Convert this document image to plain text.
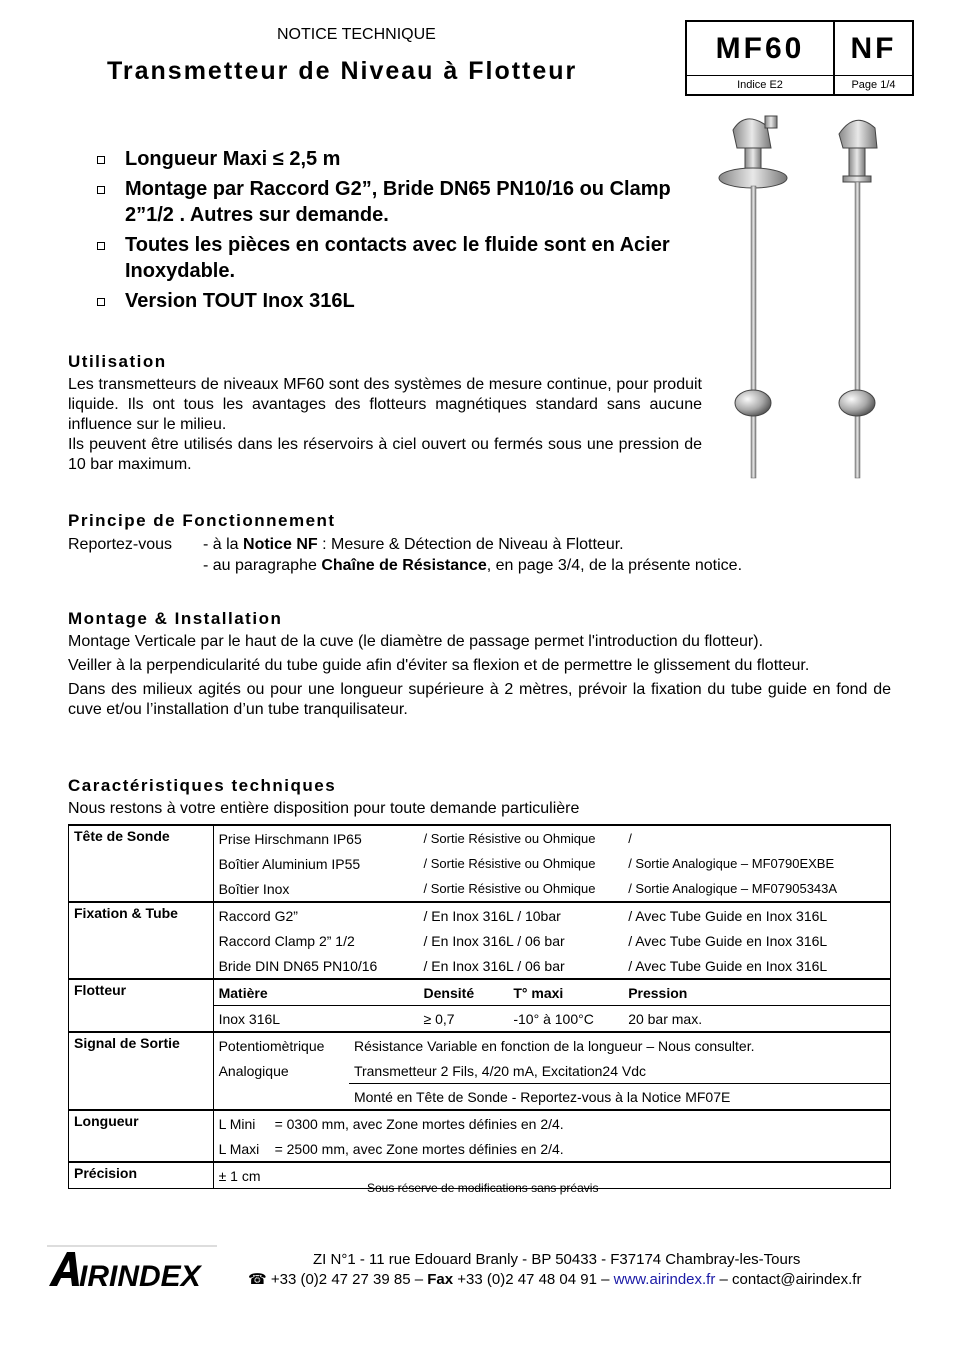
NOTICE TECHNIQUE
Transmetteur de Niveau à Flotteur
MF60	NF
Indice E2	Page 1/4
Longueur Maxi ≤ 2,5 m
Montage par Raccord G2”, Bride DN65 PN10/16 ou Clamp 2”1/2 . Autres sur demande.
Toutes les pièces en contacts avec le fluide sont en Acier Inoxydable.
Version TOUT Inox 316L
Utilisation
Les transmetteurs de niveaux MF60 sont des systèmes de mesure continue, pour produit liquide. Ils ont tous les avantages des flotteurs magnétiques standard sans aucune influence sur le milieu.
Ils peuvent être utilisés dans les réservoirs à ciel ouvert ou fermés sous une pression de 10 bar maximum.
Principe de Fonctionnement
Reportez-vous - à la Notice NF : Mesure & Détection de Niveau à Flotteur.
- au paragraphe Chaîne de Résistance, en page 3/4, de la présente notice.
Montage & Installation
Montage Verticale par le haut de la cuve (le diamètre de passage permet l'introduction du flotteur).
Veiller à la perpendicularité du tube guide afin d'éviter sa flexion et de permettre le glissement du flotteur.
Dans des milieux agités ou pour une longueur supérieure à 2 mètres, prévoir la fixation du tube guide en fond de cuve et/ou l’installation d’un tube tranquilisateur.
Caractéristiques techniques
Nous restons à votre entière disposition pour toute demande particulière
Tête de Sonde	Prise Hirschmann IP65		/ Sortie Résistive ou Ohmique		/
	Boîtier Aluminium IP55		/ Sortie Résistive ou Ohmique		/ Sortie Analogique – MF0790EXBE
	Boîtier Inox		/ Sortie Résistive ou Ohmique		/ Sortie Analogique – MF07905343A
Fixation & Tube	Raccord G2”		/ En Inox 316L / 10bar		/ Avec Tube Guide en Inox 316L
	Raccord Clamp 2” 1/2		/ En Inox 316L / 06 bar		/ Avec Tube Guide en Inox 316L
	Bride DIN DN65 PN10/16		/ En Inox 316L / 06 bar		/ Avec Tube Guide en Inox 316L
Flotteur	Matière		Densité	T° maxi	Pression
	Inox 316L		≥ 0,7	-10° à 100°C	20 bar max.
Signal de Sortie	Potentiomètrique	Résistance Variable en fonction de la longueur – Nous consulter.			
	Analogique	Transmetteur 2 Fils, 4/20 mA, Excitation24 Vdc			
		Monté en Tête de Sonde - Reportez-vous à la Notice MF07E			
Longueur	L Mini = 0300 mm, avec Zone mortes définies en 2/4.				
	L Maxi = 2500 mm, avec Zone mortes définies en 2/4.				
Précision	± 1 cm				
Sous réserve de modifications sans préavis
IRINDEX
ZI N°1 - 11 rue Edouard Branly - BP 50433 - F37174 Chambray-les-Tours
☎ +33 (0)2 47 27 39 85 – Fax +33 (0)2 47 48 04 91 – www.airindex.fr – contact@airindex.fr
